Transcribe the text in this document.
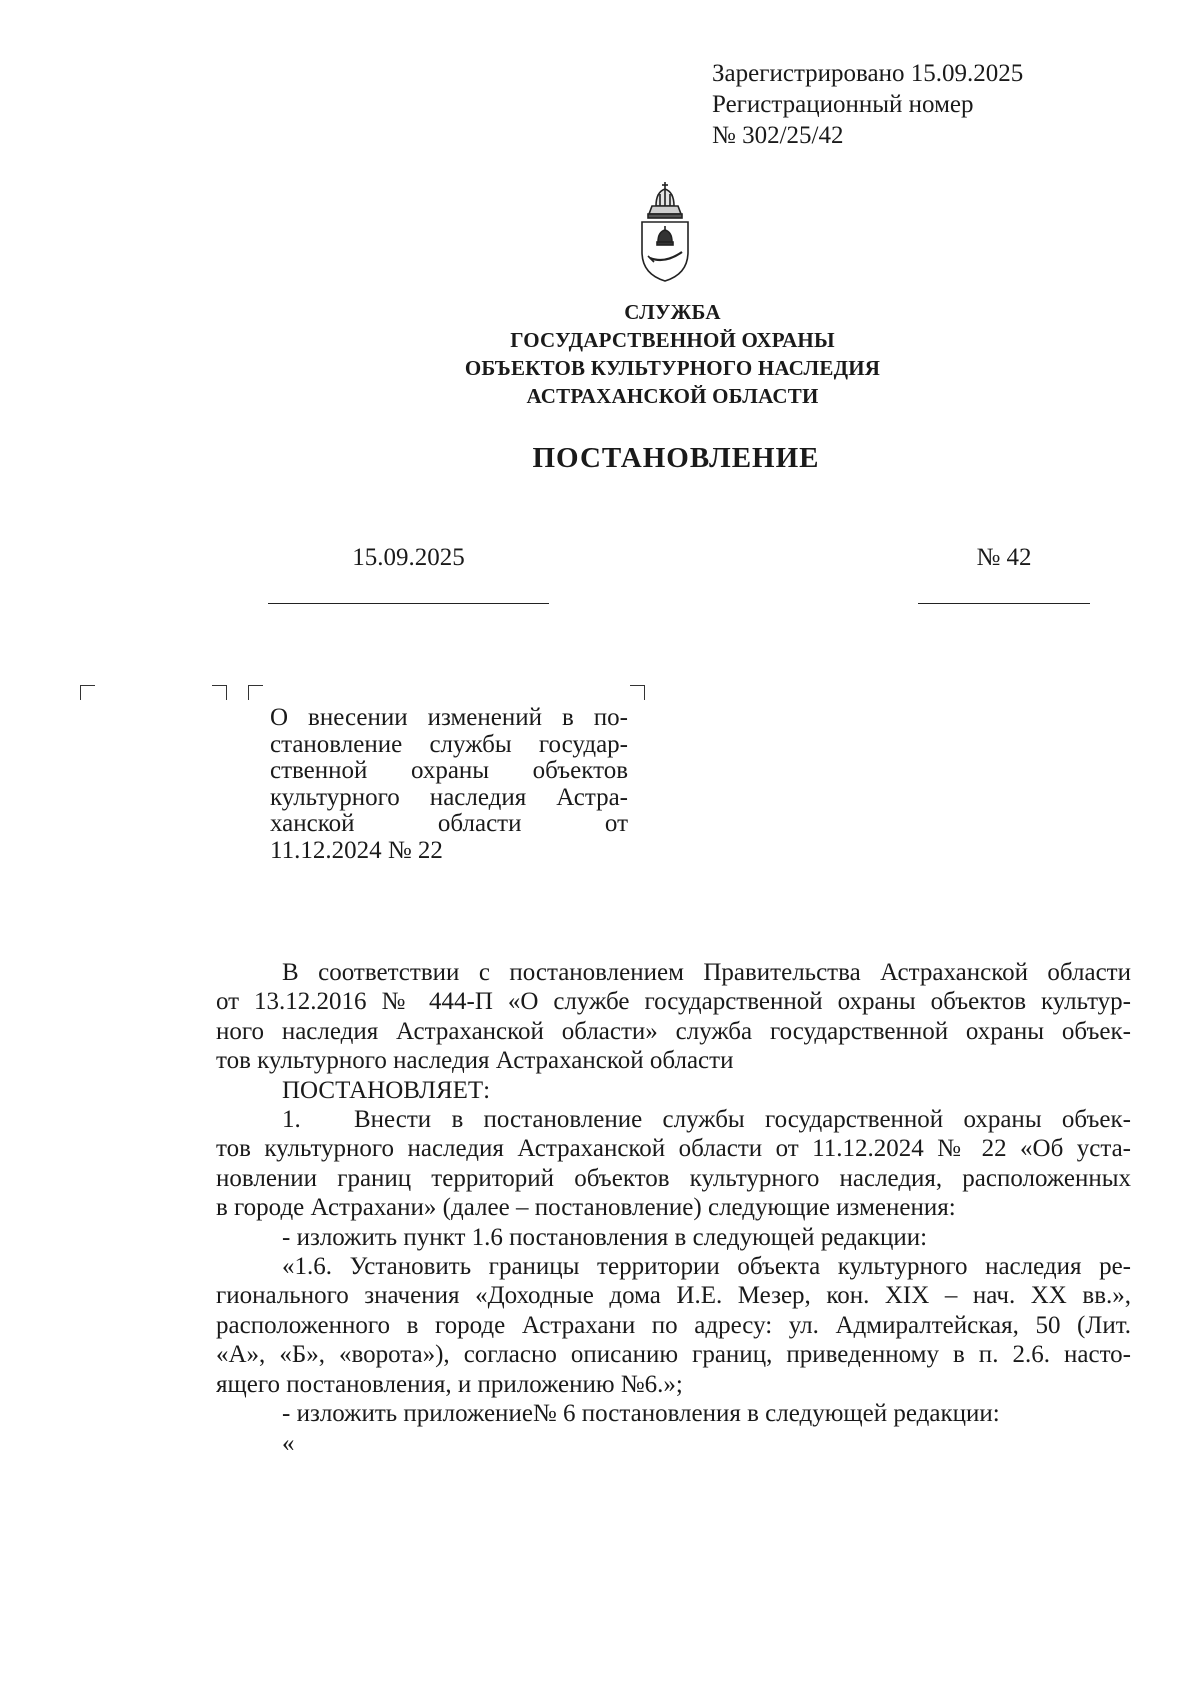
Зарегистрировано 15.09.2025
Регистрационный номер
№ 302/25/42
СЛУЖБА
ГОСУДАРСТВЕННОЙ ОХРАНЫ
ОБЪЕКТОВ КУЛЬТУРНОГО НАСЛЕДИЯ
АСТРАХАНСКОЙ ОБЛАСТИ
ПОСТАНОВЛЕНИЕ
15.09.2025	№ 42
О внесении изменений в по-
становление службы государ-
ственной охраны объектов
культурного наследия Астра-
ханской области от
11.12.2024 № 22
В соответствии с постановлением Правительства Астраханской области
от 13.12.2016 № 444-П «О службе государственной охраны объектов культур-
ного наследия Астраханской области» служба государственной охраны объек-
тов культурного наследия Астраханской области
ПОСТАНОВЛЯЕТ:
1.	Внести в постановление службы государственной охраны объек-
тов культурного наследия Астраханской области от 11.12.2024 № 22 «Об уста-
новлении границ территорий объектов культурного наследия, расположенных
в городе Астрахани» (далее – постановление) следующие изменения:
- изложить пункт 1.6 постановления в следующей редакции:
«1.6. Установить границы территории объекта культурного наследия ре-
гионального значения «Доходные дома И.Е. Мезер, кон. XIX – нач. XX вв.»,
расположенного в городе Астрахани по адресу: ул. Адмиралтейская, 50 (Лит.
«А», «Б», «ворота»), согласно описанию границ, приведенному в п. 2.6. насто-
ящего постановления, и приложению №6.»;
- изложить приложение№ 6 постановления в следующей редакции:
«
